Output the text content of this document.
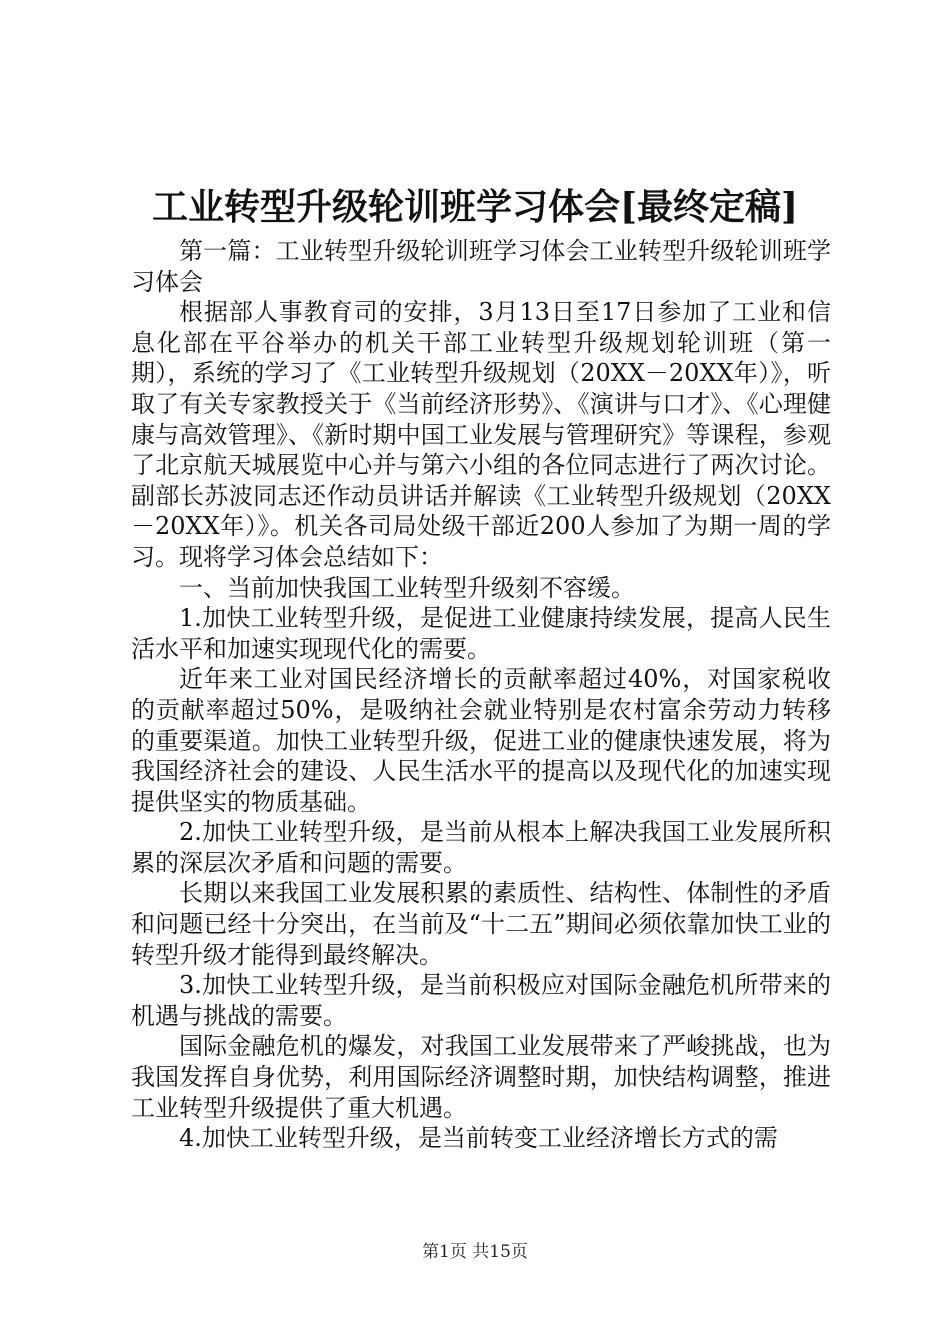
工业转型升级轮训班学习体会[最终定稿]

第一篇：工业转型升级轮训班学习体会工业转型升级轮训班学习体会

根据部人事教育司的安排，3月13日至17日参加了工业和信息化部在平谷举办的机关干部工业转型升级规划轮训班（第一期），系统的学习了《工业转型升级规划（20XX－20XX年）》，听取了有关专家教授关于《当前经济形势》、《演讲与口才》、《心理健康与高效管理》、《新时期中国工业发展与管理研究》等课程，参观了北京航天城展览中心并与第六小组的各位同志进行了两次讨论。副部长苏波同志还作动员讲话并解读《工业转型升级规划（20XX－20XX年）》。机关各司局处级干部近200人参加了为期一周的学习。现将学习体会总结如下：

一、当前加快我国工业转型升级刻不容缓。

1.加快工业转型升级，是促进工业健康持续发展，提高人民生活水平和加速实现现代化的需要。

近年来工业对国民经济增长的贡献率超过40%，对国家税收的贡献率超过50%，是吸纳社会就业特别是农村富余劳动力转移的重要渠道。加快工业转型升级，促进工业的健康快速发展，将为我国经济社会的建设、人民生活水平的提高以及现代化的加速实现提供坚实的物质基础。

2.加快工业转型升级，是当前从根本上解决我国工业发展所积累的深层次矛盾和问题的需要。

长期以来我国工业发展积累的素质性、结构性、体制性的矛盾和问题已经十分突出，在当前及“十二五”期间必须依靠加快工业的转型升级才能得到最终解决。

3.加快工业转型升级，是当前积极应对国际金融危机所带来的机遇与挑战的需要。

国际金融危机的爆发，对我国工业发展带来了严峻挑战，也为我国发挥自身优势，利用国际经济调整时期，加快结构调整，推进工业转型升级提供了重大机遇。

4.加快工业转型升级，是当前转变工业经济增长方式的需

第1页 共15页
